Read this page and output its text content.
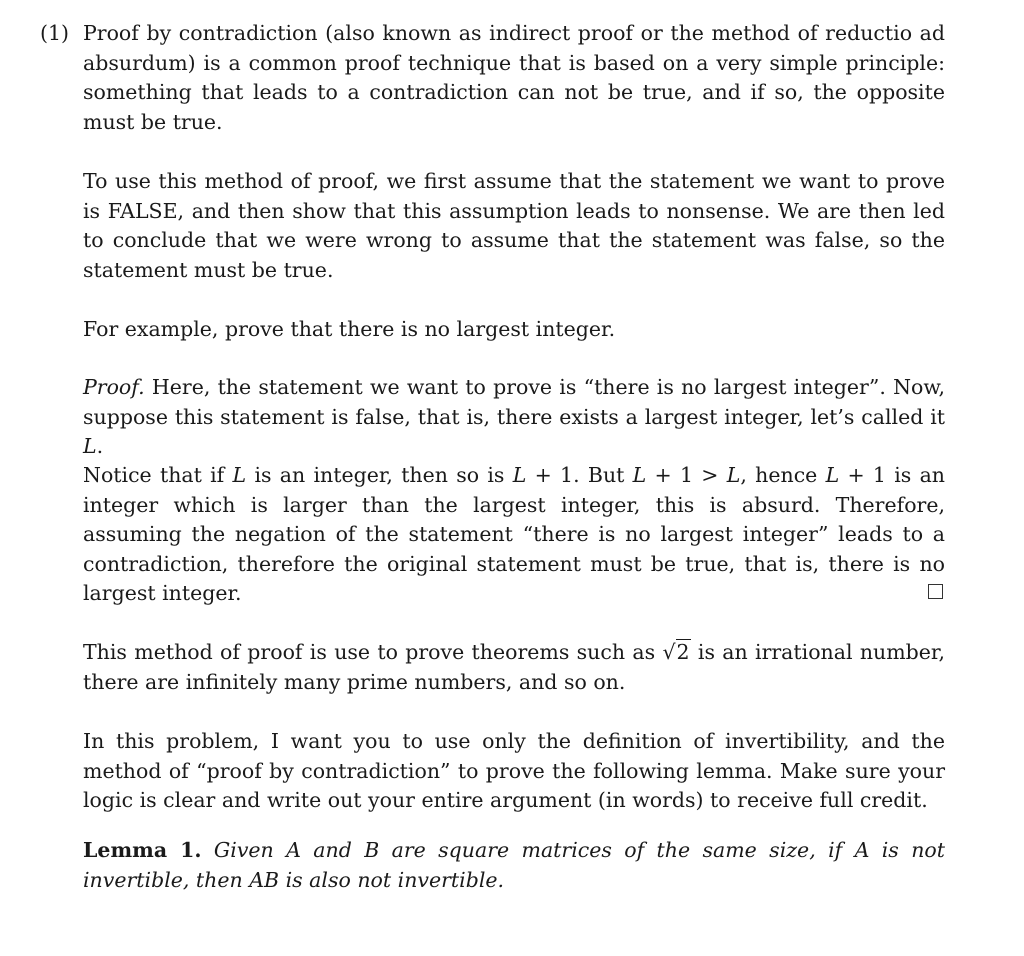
(1) Proof by contradiction (also known as indirect proof or the method of reductio ad absurdum) is a common proof technique that is based on a very simple principle: something that leads to a contradiction can not be true, and if so, the opposite must be true.

To use this method of proof, we first assume that the statement we want to prove is FALSE, and then show that this assumption leads to nonsense. We are then led to conclude that we were wrong to assume that the statement was false, so the statement must be true.

For example, prove that there is no largest integer.

Proof. Here, the statement we want to prove is “there is no largest integer”. Now, suppose this statement is false, that is, there exists a largest integer, let’s called it L.

Notice that if L is an integer, then so is L + 1. But L + 1 > L, hence L + 1 is an integer which is larger than the largest integer, this is absurd. Therefore, assuming the negation of the statement “there is no largest integer” leads to a contradiction, therefore the original statement must be true, that is, there is no largest integer.

This method of proof is use to prove theorems such as √2 is an irrational number, there are infinitely many prime numbers, and so on.

In this problem, I want you to use only the definition of invertibility, and the method of “proof by contradiction” to prove the following lemma. Make sure your logic is clear and write out your entire argument (in words) to receive full credit.

Lemma 1. Given A and B are square matrices of the same size, if A is not invertible, then AB is also not invertible.
